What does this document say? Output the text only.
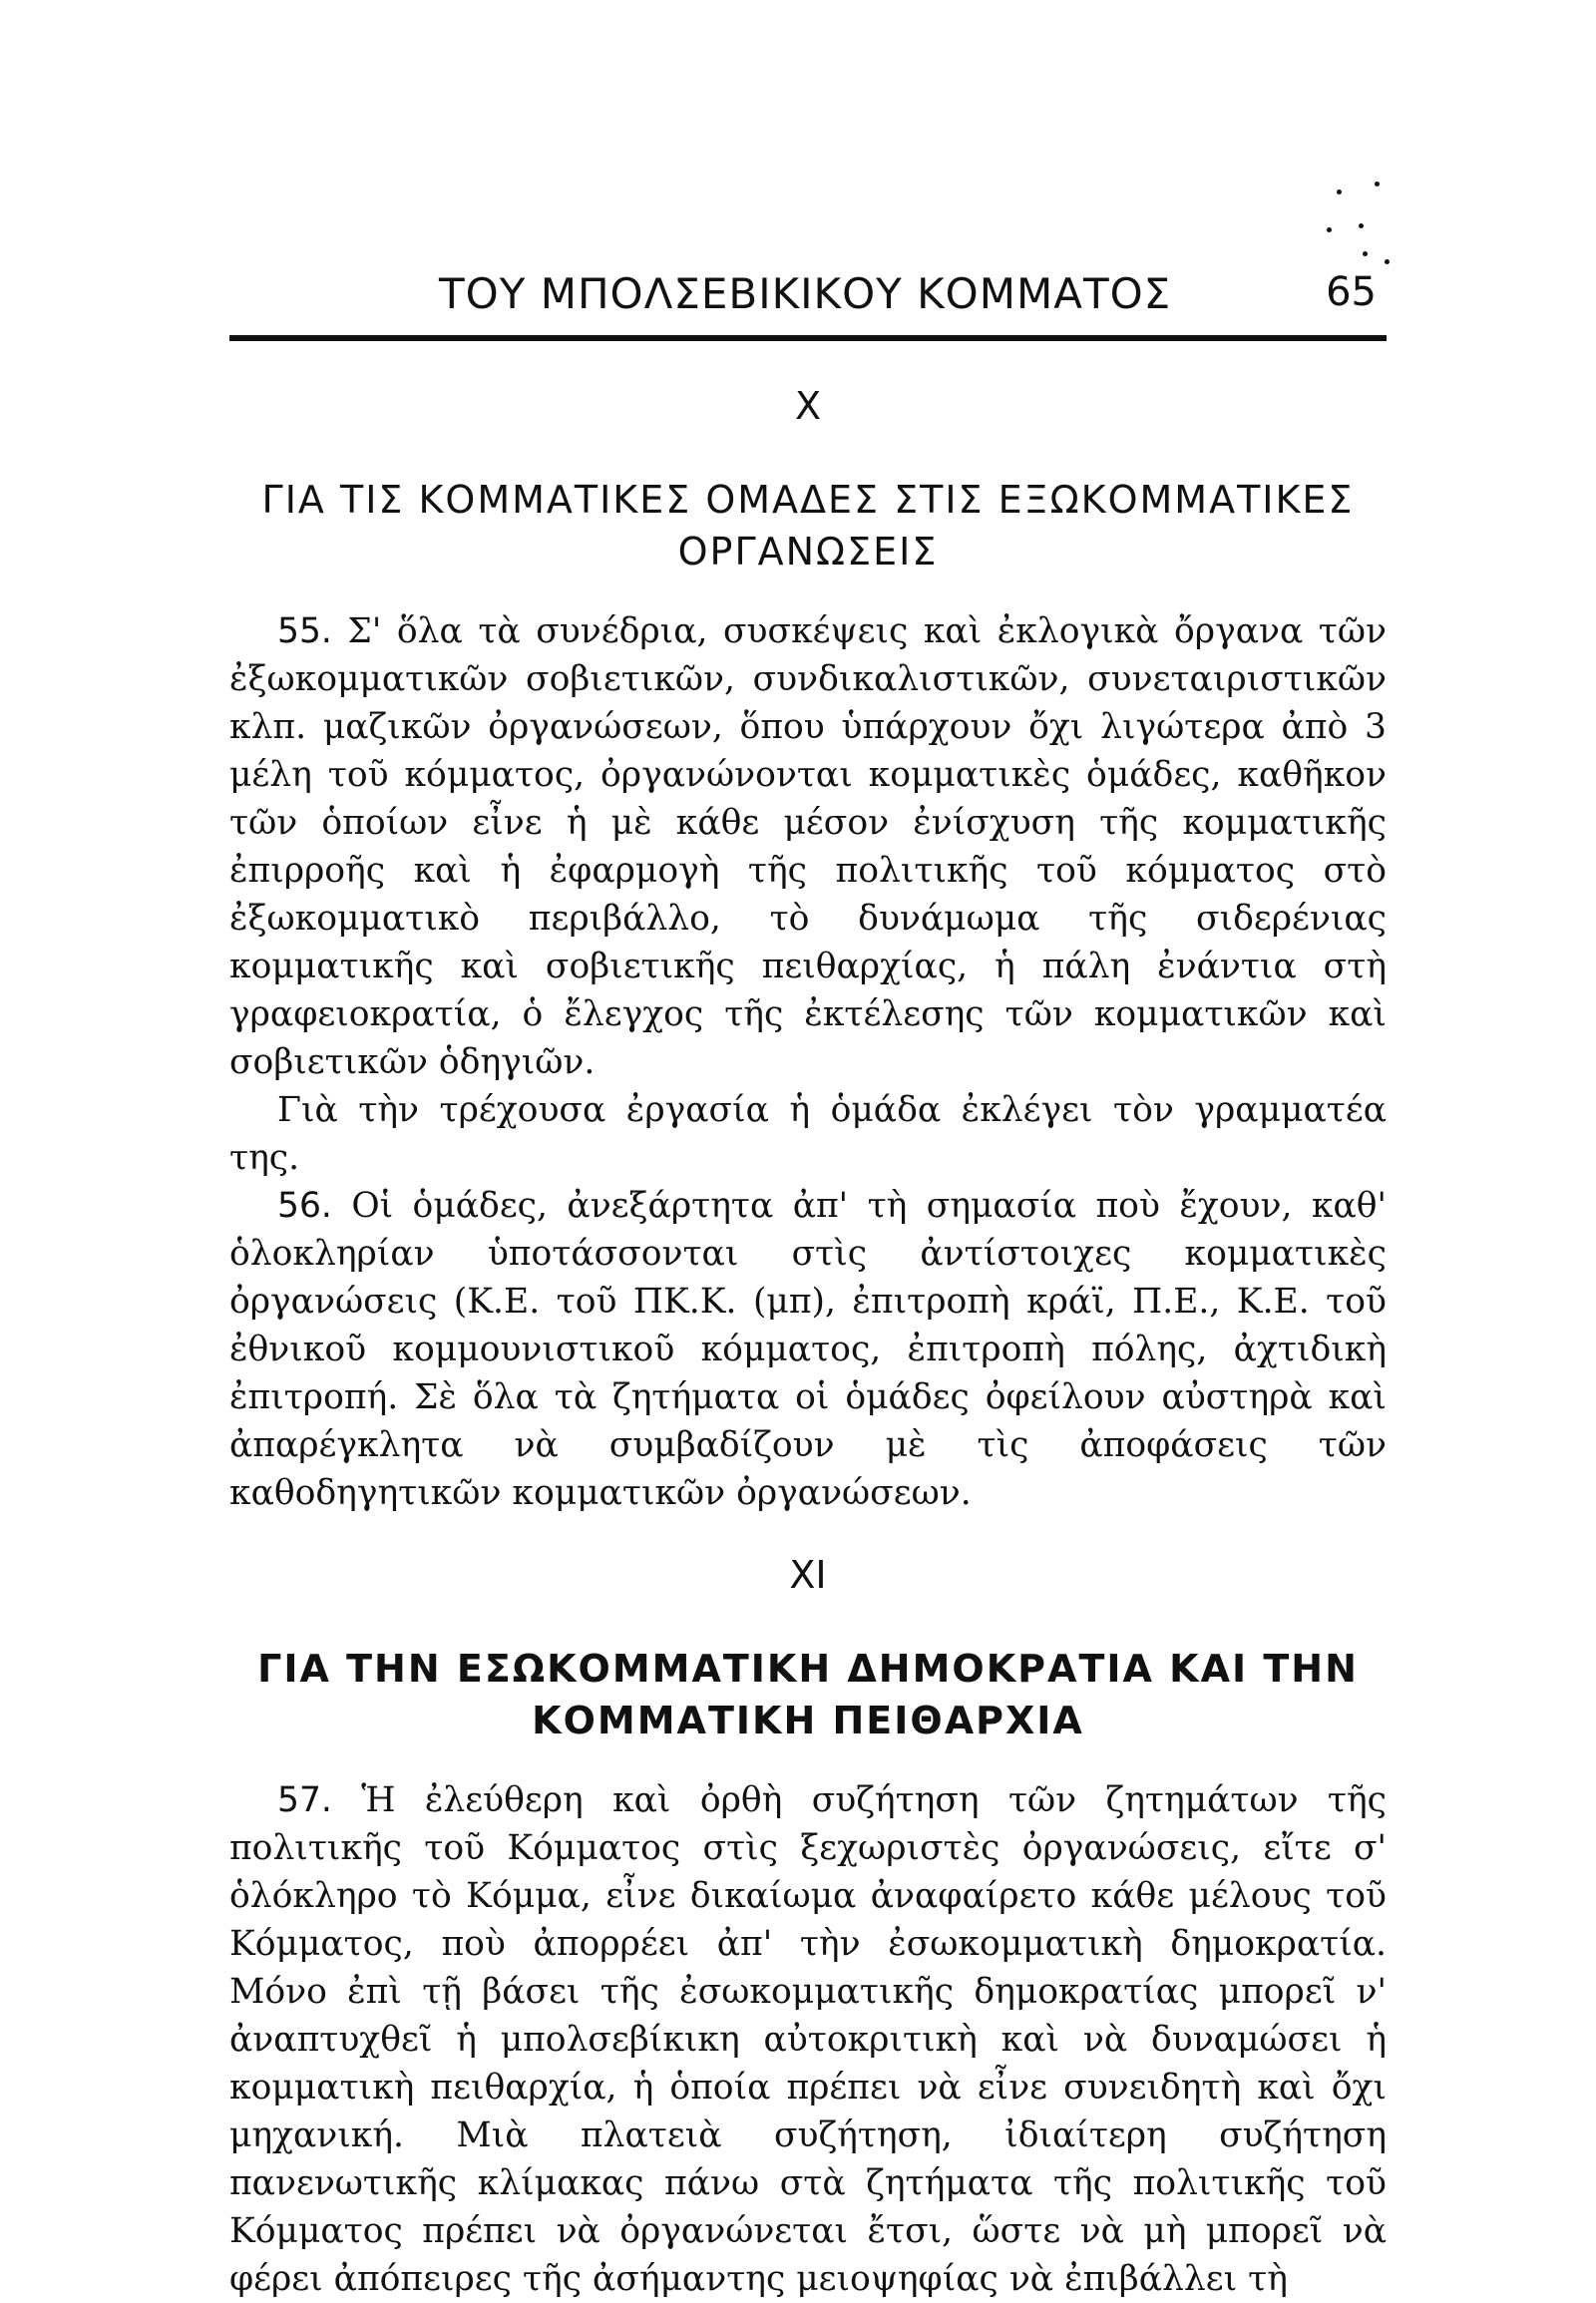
ΤΟΥ ΜΠΟΛΣΕΒΙΚΙΚΟΥ ΚΟΜΜΑΤΟΣ	65
Χ
ΓΙΑ ΤΙΣ ΚΟΜΜΑΤΙΚΕΣ ΟΜΑΔΕΣ ΣΤΙΣ ΕΞΩΚΟΜΜΑΤΙΚΕΣ ΟΡΓΑΝΩΣΕΙΣ

55. Σ' ὅλα τὰ συνέδρια, συσκέψεις καὶ ἐκλογικὰ ὄργανα τῶν ἐξωκομματικῶν σοβιετικῶν, συνδικαλιστικῶν, συνεταιριστικῶν κλπ. μαζικῶν ὀργανώσεων, ὅπου ὑπάρχουν ὄχι λιγώτερα ἀπὸ 3 μέλη τοῦ κόμματος, ὀργανώνονται κομματικὲς ὁμάδες, καθῆκον τῶν ὁποίων εἶνε ἡ μὲ κάθε μέσον ἐνίσχυση τῆς κομματικῆς ἐπιρροῆς καὶ ἡ ἐφαρμογὴ τῆς πολιτικῆς τοῦ κόμματος στὸ ἐξωκομματικὸ περιβάλλο, τὸ δυνάμωμα τῆς σιδερένιας κομματικῆς καὶ σοβιετικῆς πειθαρχίας, ἡ πάλη ἐνάντια στὴ γραφειοκρατία, ὁ ἔλεγχος τῆς ἐκτέλεσης τῶν κομματικῶν καὶ σοβιετικῶν ὁδηγιῶν.

Γιὰ τὴν τρέχουσα ἐργασία ἡ ὁμάδα ἐκλέγει τὸν γραμματέα της.

56. Οἱ ὁμάδες, ἀνεξάρτητα ἀπ' τὴ σημασία ποὺ ἔχουν, καθ' ὁλοκληρίαν ὑποτάσσονται στὶς ἀντίστοιχες κομματικὲς ὀργανώσεις (Κ.Ε. τοῦ ΠΚ.Κ. (μπ), ἐπιτροπὴ κράϊ, Π.Ε., Κ.Ε. τοῦ ἐθνικοῦ κομμουνιστικοῦ κόμματος, ἐπιτροπὴ πόλης, ἀχτιδικὴ ἐπιτροπή. Σὲ ὅλα τὰ ζητήματα οἱ ὁμάδες ὀφείλουν αὐστηρὰ καὶ ἀπαρέγκλητα νὰ συμβαδίζουν μὲ τὶς ἀποφάσεις τῶν καθοδηγητικῶν κομματικῶν ὀργανώσεων.

ΧΙ
ΓΙΑ ΤΗΝ ΕΣΩΚΟΜΜΑΤΙΚΗ ΔΗΜΟΚΡΑΤΙΑ ΚΑΙ ΤΗΝ ΚΟΜΜΑΤΙΚΗ ΠΕΙΘΑΡΧΙΑ

57. Ἡ ἐλεύθερη καὶ ὀρθὴ συζήτηση τῶν ζητημάτων τῆς πολιτικῆς τοῦ Κόμματος στὶς ξεχωριστὲς ὀργανώσεις, εἴτε σ' ὁλόκληρο τὸ Κόμμα, εἶνε δικαίωμα ἀναφαίρετο κάθε μέλους τοῦ Κόμματος, ποὺ ἀπορρέει ἀπ' τὴν ἐσωκομματικὴ δημοκρατία. Μόνο ἐπὶ τῇ βάσει τῆς ἐσωκομματικῆς δημοκρατίας μπορεῖ ν' ἀναπτυχθεῖ ἡ μπολσεβίκικη αὐτοκριτικὴ καὶ νὰ δυναμώσει ἡ κομματικὴ πειθαρχία, ἡ ὁποία πρέπει νὰ εἶνε συνειδητὴ καὶ ὄχι μηχανική. Μιὰ πλατειὰ συζήτηση, ἰδιαίτερη συζήτηση πανενωτικῆς κλίμακας πάνω στὰ ζητήματα τῆς πολιτικῆς τοῦ Κόμματος πρέπει νὰ ὀργανώνεται ἔτσι, ὥστε νὰ μὴ μπορεῖ νὰ φέρει ἀπόπειρες τῆς ἀσήμαντης μειοψηφίας νὰ ἐπιβάλλει τὴ
